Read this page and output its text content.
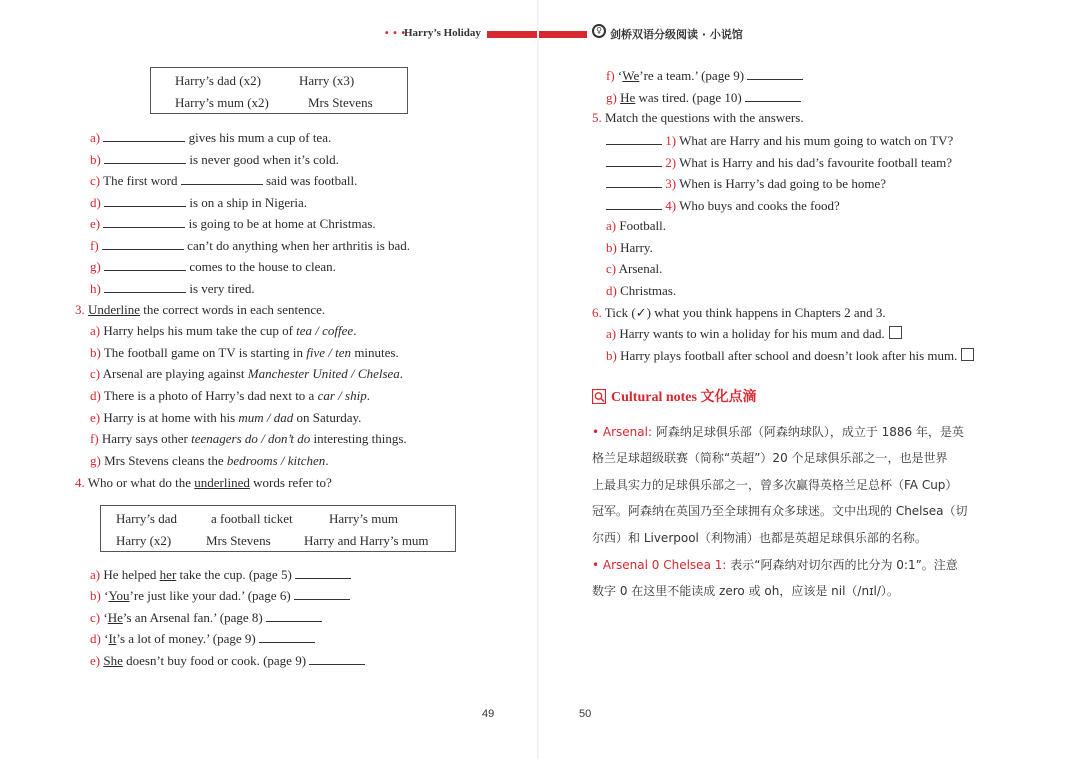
• • •
Harry’s Holiday	♀ 剑桥双语分级阅读 · 小说馆
Harry’s dad (x2)	Harry (x3)
Harry’s mum (x2)	Mrs Stevens
a)	gives his mum a cup of tea.
b)	is never good when it’s cold.
c) The first word	said was football.
d)	is on a ship in Nigeria.
e)	is going to be at home at Christmas.
f)	can’t do anything when her arthritis is bad.
g)	comes to the house to clean.
h)	is very tired.
3. Underline the correct words in each sentence.
a) Harry helps his mum take the cup of tea / coffee.
b) The football game on TV is starting in five / ten minutes.
c) Arsenal are playing against Manchester United / Chelsea.
d) There is a photo of Harry’s dad next to a car / ship.
e) Harry is at home with his mum / dad on Saturday.
f) Harry says other teenagers do / don’t do interesting things.
g) Mrs Stevens cleans the bedrooms / kitchen.
4. Who or what do the underlined words refer to?
Harry’s dad	a football ticket	Harry’s mum
Harry (x2)	Mrs Stevens	Harry and Harry’s mum
a) He helped her take the cup. (page 5)
b) ‘You’re just like your dad.’ (page 6)
c) ‘He’s an Arsenal fan.’ (page 8)
d) ‘It’s a lot of money.’ (page 9)
e) She doesn’t buy food or cook. (page 9)
49
f) ‘We’re a team.’ (page 9)
g) He was tired. (page 10)
5. Match the questions with the answers.
1) What are Harry and his mum going to watch on TV?
2) What is Harry and his dad’s favourite football team?
3) When is Harry’s dad going to be home?
4) Who buys and cooks the food?
a) Football.
b) Harry.
c) Arsenal.
d) Christmas.
6. Tick (✓) what you think happens in Chapters 2 and 3.
a) Harry wants to win a holiday for his mum and dad.
b) Harry plays football after school and doesn’t look after his mum.
Cultural notes 文化点滴
• Arsenal: 阿森纳足球俱乐部（阿森纳球队），成立于 1886 年，是英
格兰足球超级联赛（简称“英超”）20 个足球俱乐部之一，也是世界
上最具实力的足球俱乐部之一，曾多次赢得英格兰足总杯（FA Cup）
冠军。阿森纳在英国乃至全球拥有众多球迷。文中出现的 Chelsea（切
尔西）和 Liverpool（利物浦）也都是英超足球俱乐部的名称。
• Arsenal 0 Chelsea 1: 表示“阿森纳对切尔西的比分为 0:1”。注意
数字 0 在这里不能读成 zero 或 oh，应该是 nil（/nɪl/）。
50
